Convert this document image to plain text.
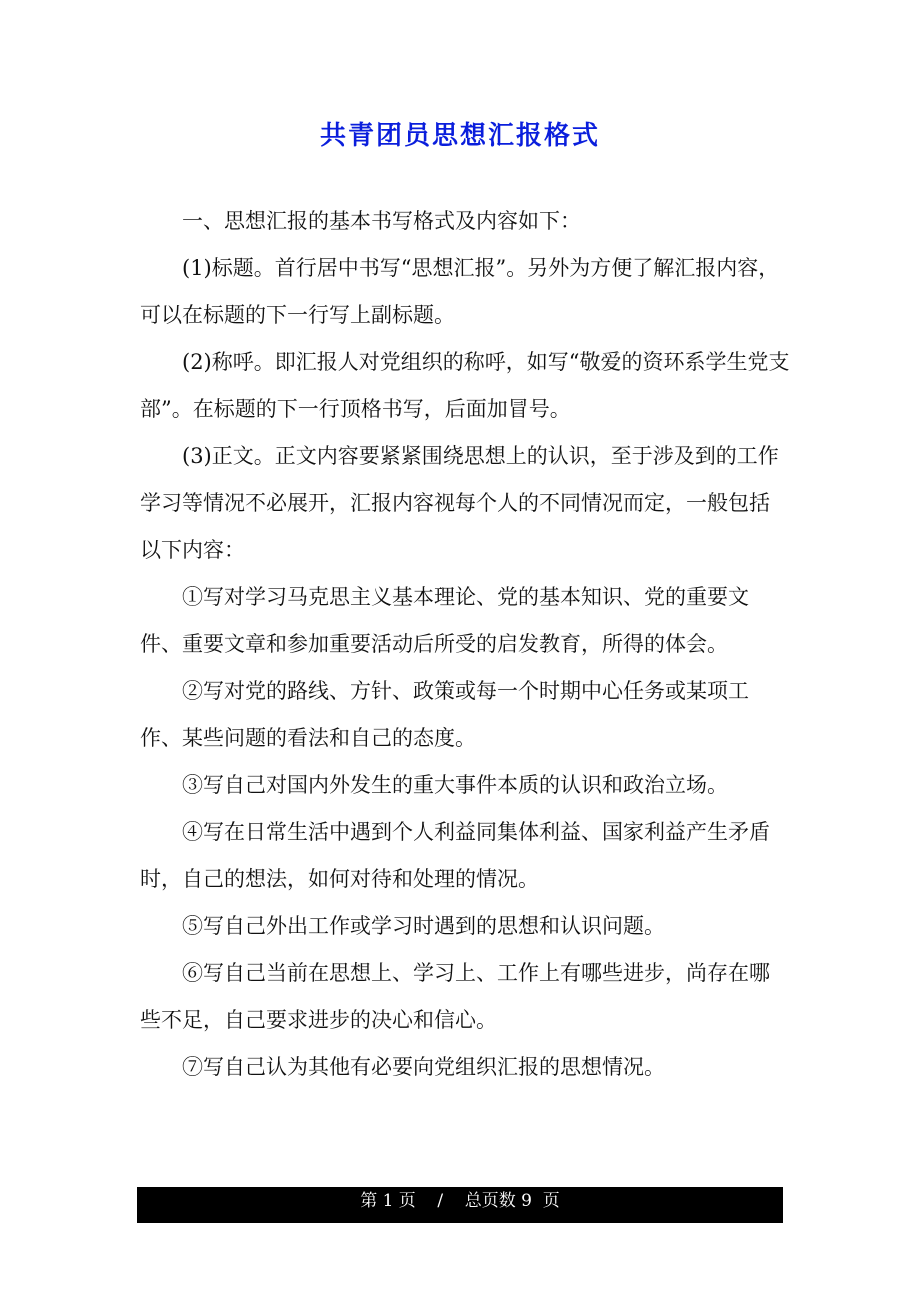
共青团员思想汇报格式

一、思想汇报的基本书写格式及内容如下：

(1)标题。首行居中书写“思想汇报”。另外为方便了解汇报内容，可以在标题的下一行写上副标题。

(2)称呼。即汇报人对党组织的称呼，如写“敬爱的资环系学生党支部”。在标题的下一行顶格书写，后面加冒号。

(3)正文。正文内容要紧紧围绕思想上的认识，至于涉及到的工作学习等情况不必展开，汇报内容视每个人的不同情况而定，一般包括以下内容：

①写对学习马克思主义基本理论、党的基本知识、党的重要文件、重要文章和参加重要活动后所受的启发教育，所得的体会。

②写对党的路线、方针、政策或每一个时期中心任务或某项工作、某些问题的看法和自己的态度。

③写自己对国内外发生的重大事件本质的认识和政治立场。

④写在日常生活中遇到个人利益同集体利益、国家利益产生矛盾时，自己的想法，如何对待和处理的情况。

⑤写自己外出工作或学习时遇到的思想和认识问题。

⑥写自己当前在思想上、学习上、工作上有哪些进步，尚存在哪些不足，自己要求进步的决心和信心。

⑦写自己认为其他有必要向党组织汇报的思想情况。

第 1 页    /    总页数 9  页
